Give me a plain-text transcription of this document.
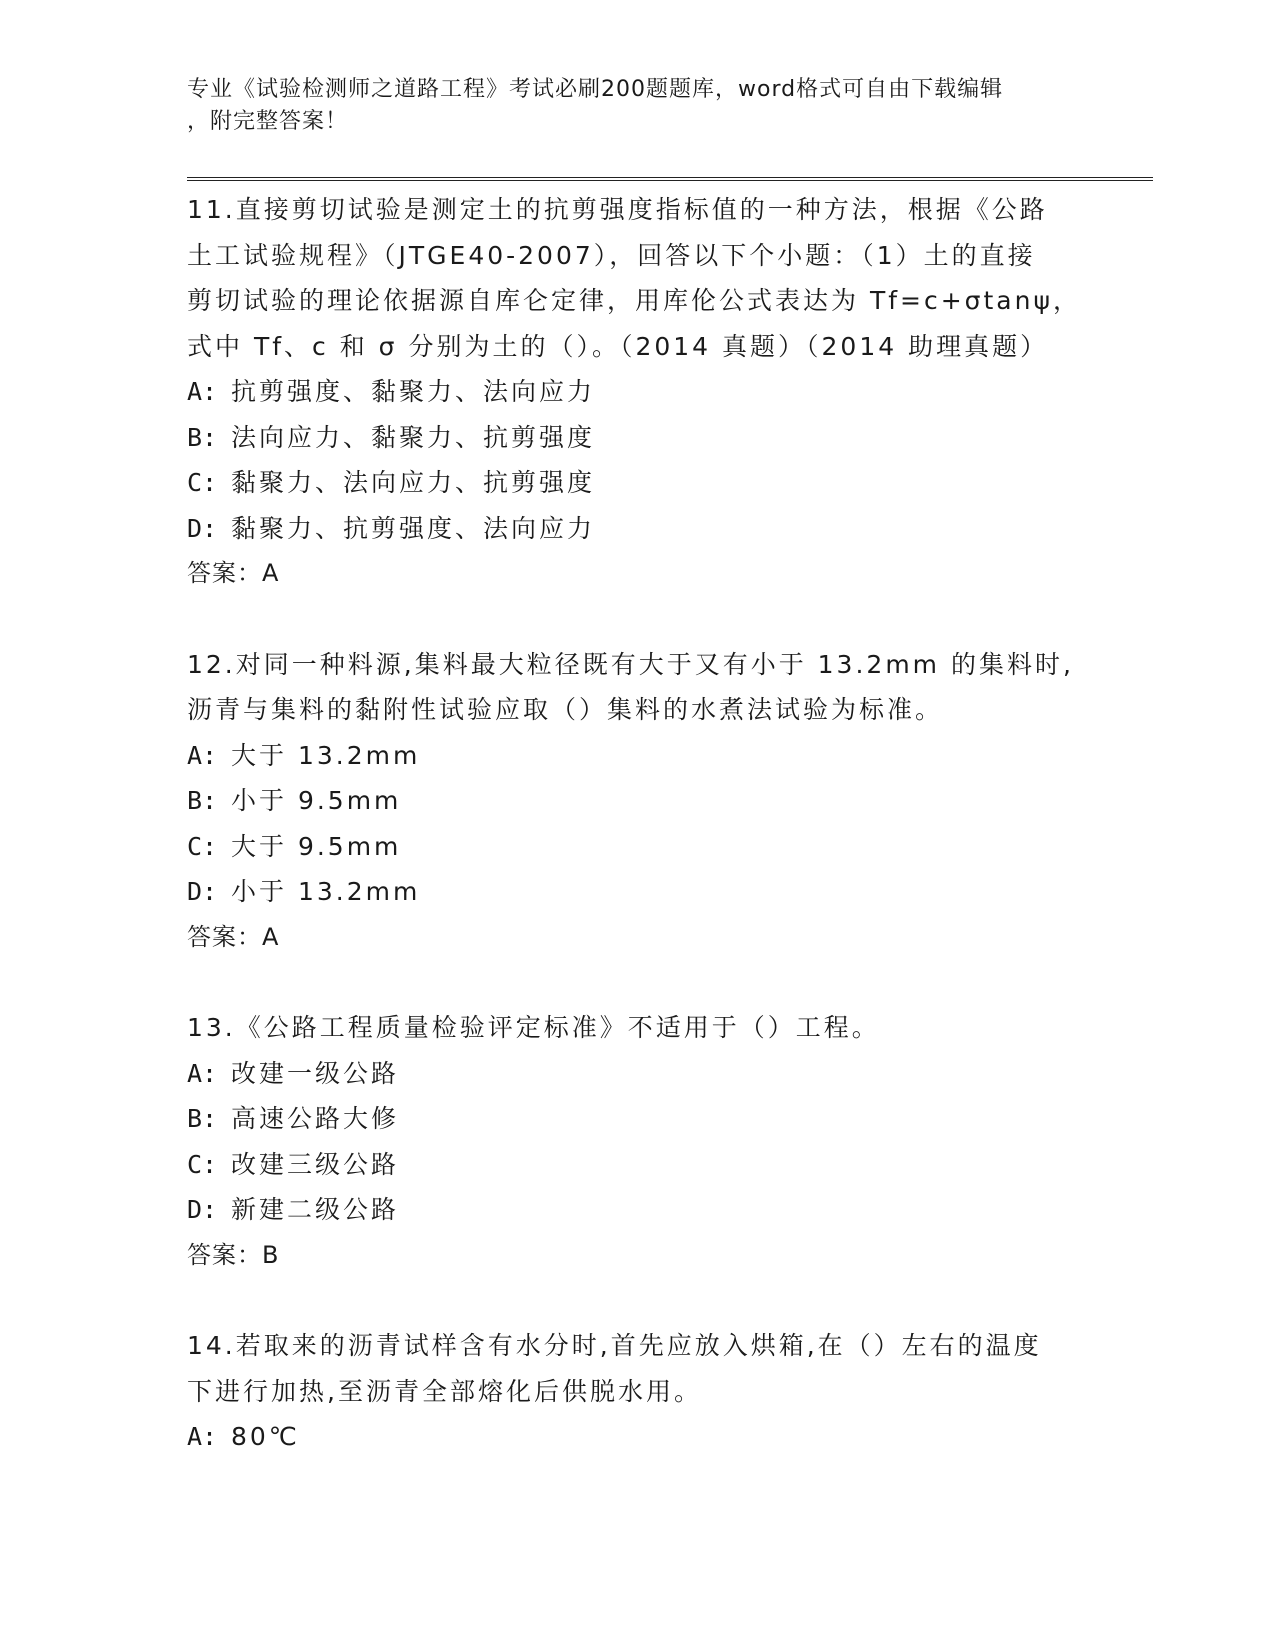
专业《试验检测师之道路工程》考试必刷200题题库，word格式可自由下载编辑
，附完整答案！

11.直接剪切试验是测定土的抗剪强度指标值的一种方法，根据《公路

土工试验规程》（JTGE40-2007），回答以下个小题：（1）土的直接

剪切试验的理论依据源自库仑定律，用库伦公式表达为 Tf=c+σtanψ，

式中 Tf、c 和 σ 分别为土的（）。（2014 真题）（2014 助理真题）

A: 抗剪强度、黏聚力、法向应力

B: 法向应力、黏聚力、抗剪强度

C: 黏聚力、法向应力、抗剪强度

D: 黏聚力、抗剪强度、法向应力

答案：A

12.对同一种料源,集料最大粒径既有大于又有小于 13.2mm 的集料时,

沥青与集料的黏附性试验应取（）集料的水煮法试验为标准。

A: 大于 13.2mm

B: 小于 9.5mm

C: 大于 9.5mm

D: 小于 13.2mm

答案：A

13.《公路工程质量检验评定标准》不适用于（）工程。

A: 改建一级公路

B: 高速公路大修

C: 改建三级公路

D: 新建二级公路

答案：B

14.若取来的沥青试样含有水分时,首先应放入烘箱,在（）左右的温度

下进行加热,至沥青全部熔化后供脱水用。

A: 80℃
